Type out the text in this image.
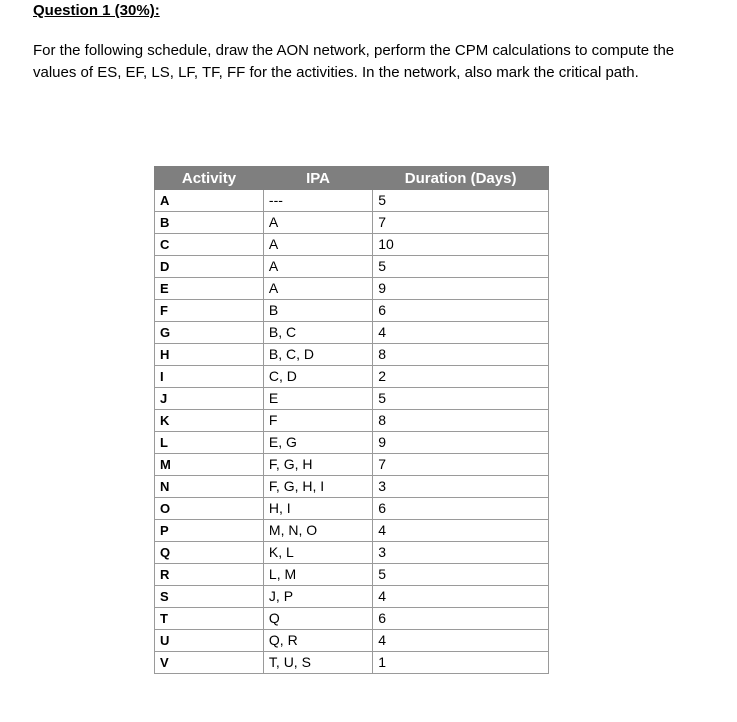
Question 1 (30%):
For the following schedule, draw the AON network, perform the CPM calculations to compute the values of ES, EF, LS, LF, TF, FF for the activities. In the network, also mark the critical path.
Activity	IPA	Duration (Days)
A	---	5
B	A	7
C	A	10
D	A	5
E	A	9
F	B	6
G	B, C	4
H	B, C, D	8
I	C, D	2
J	E	5
K	F	8
L	E, G	9
M	F, G, H	7
N	F, G, H, I	3
O	H, I	6
P	M, N, O	4
Q	K, L	3
R	L, M	5
S	J, P	4
T	Q	6
U	Q, R	4
V	T, U, S	1
